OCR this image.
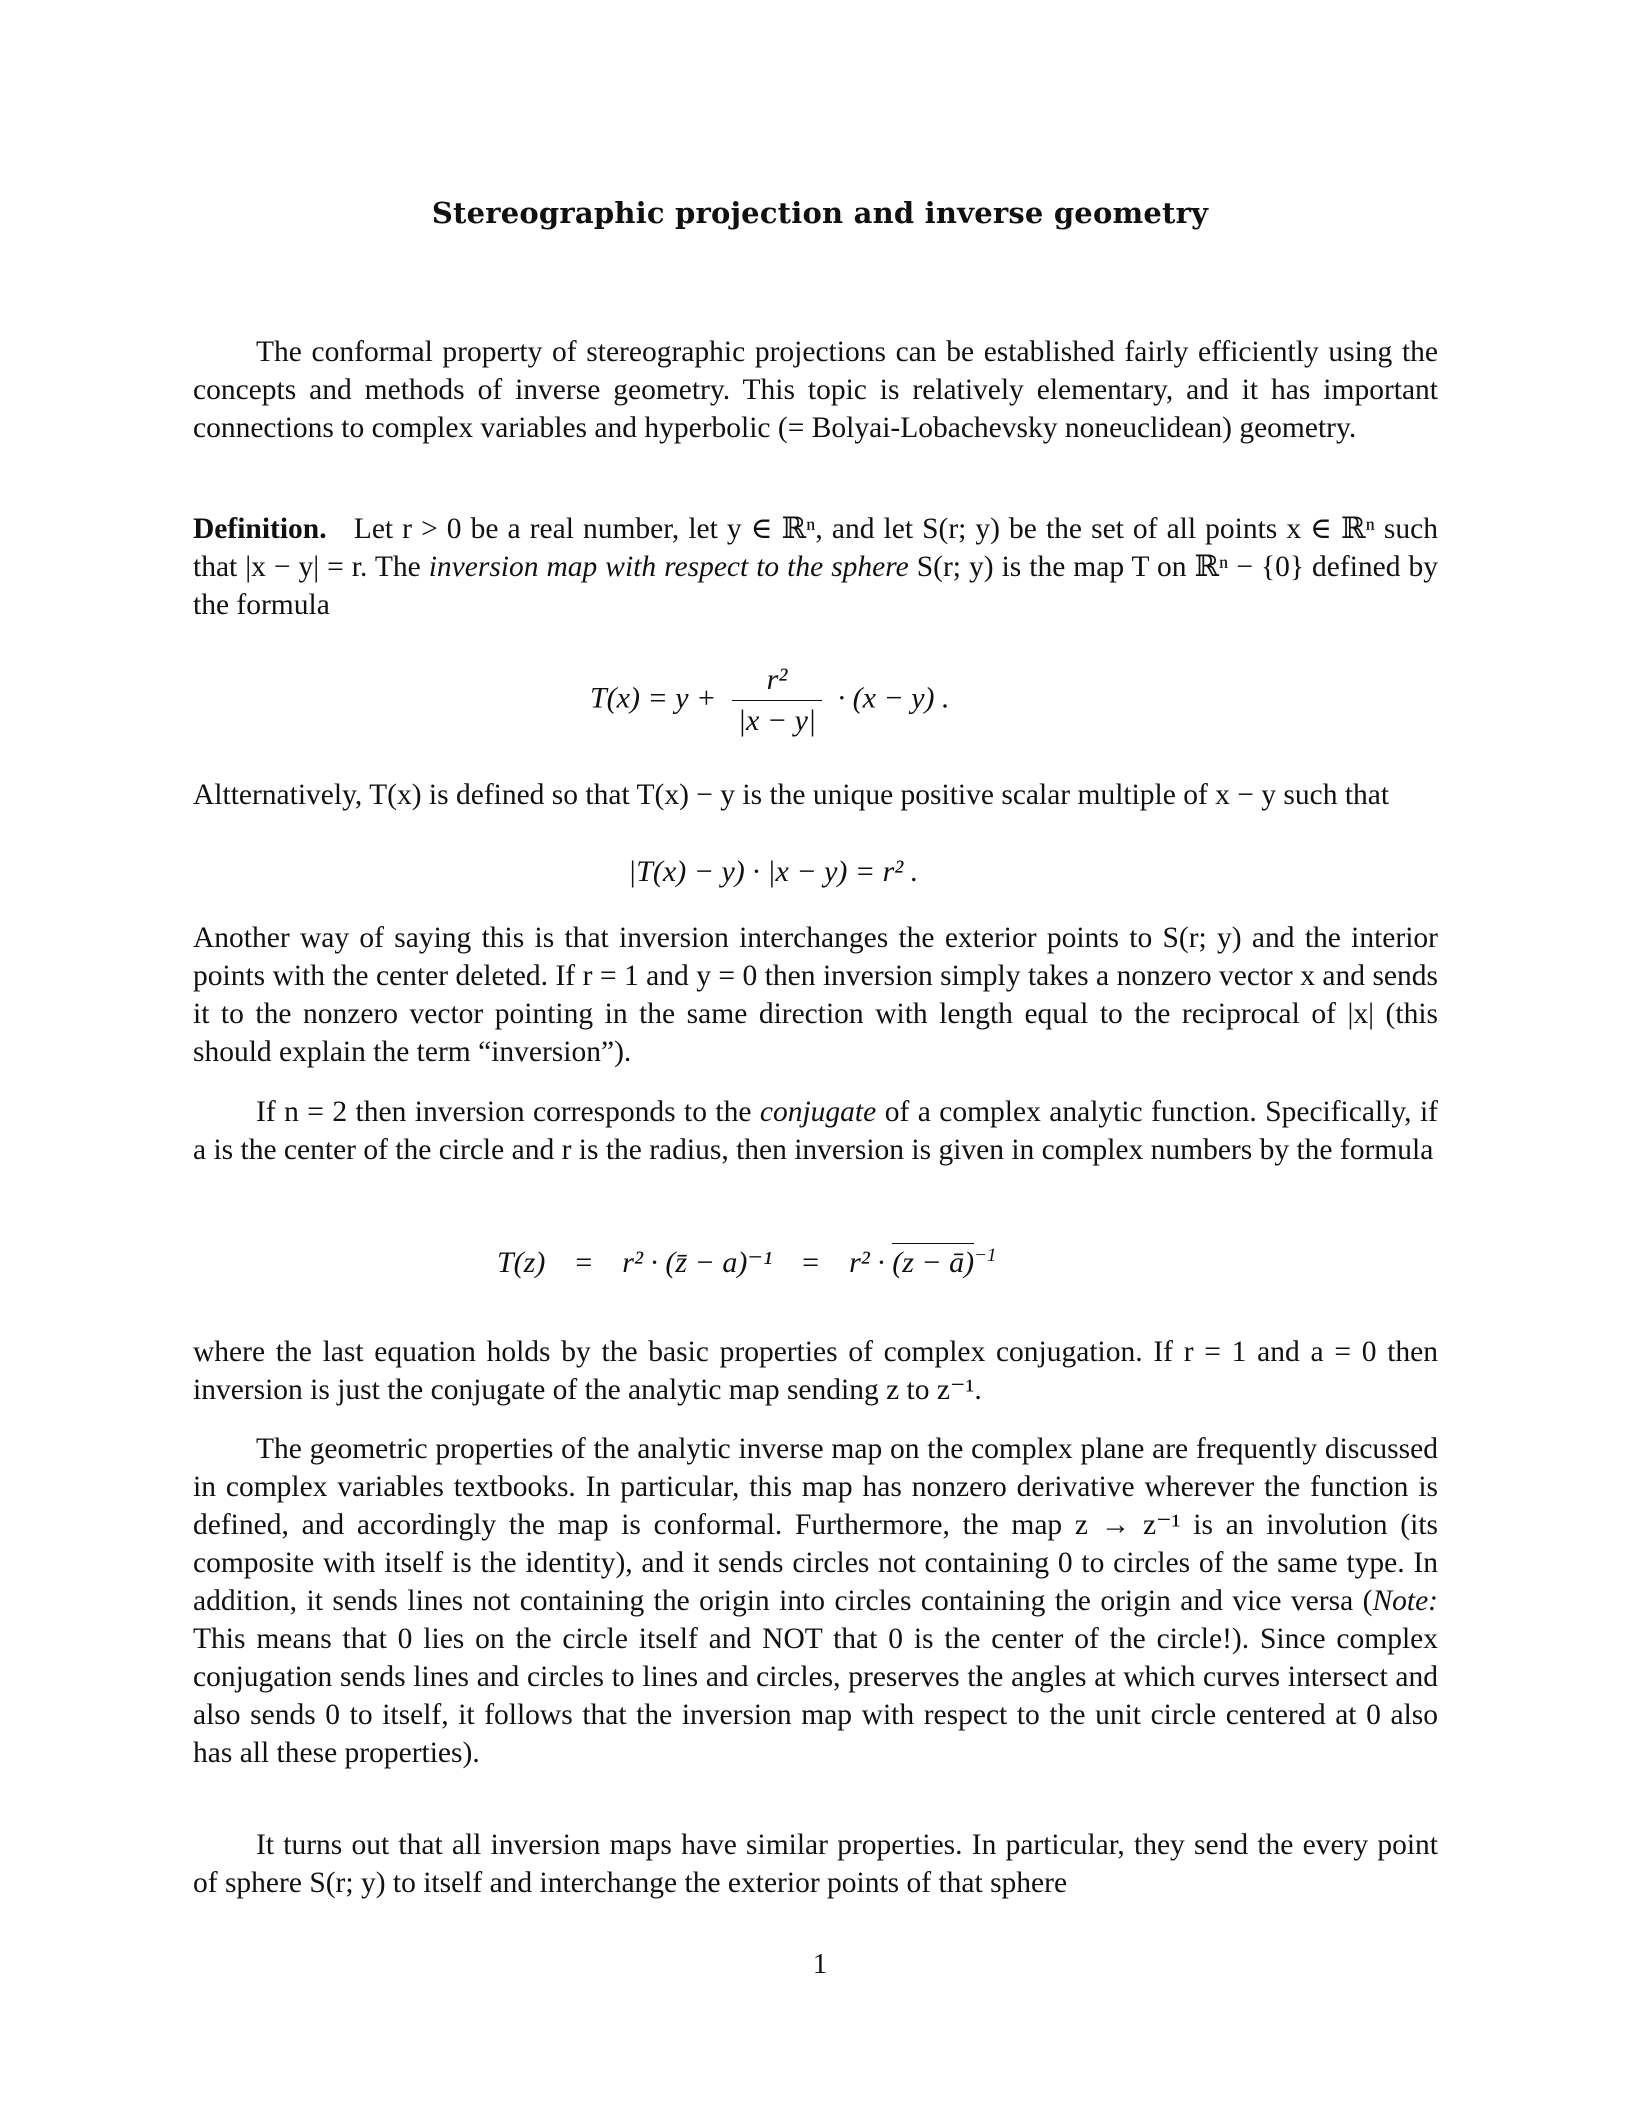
Stereographic projection and inverse geometry

The conformal property of stereographic projections can be established fairly efficiently using the concepts and methods of inverse geometry. This topic is relatively elementary, and it has important connections to complex variables and hyperbolic (= Bolyai-Lobachevsky noneuclidean) geometry.

Definition. Let r > 0 be a real number, let y ∈ ℝⁿ, and let S(r; y) be the set of all points x ∈ ℝⁿ such that |x − y| = r. The inversion map with respect to the sphere S(r; y) is the map T on ℝⁿ − {0} defined by the formula

$T(x) = y + \frac{\text{r²}}{|x - y|} \cdot (x - y)$ .

Altternatively, T(x) is defined so that T(x) − y is the unique positive scalar multiple of x − y such that

|T(x) − y) · |x − y) = r² .

Another way of saying this is that inversion interchanges the exterior points to S(r; y) and the interior points with the center deleted. If r = 1 and y = 0 then inversion simply takes a nonzero vector x and sends it to the nonzero vector pointing in the same direction with length equal to the reciprocal of |x| (this should explain the term “inversion”).

If n = 2 then inversion corresponds to the conjugate of a complex analytic function. Specifically, if a is the center of the circle and r is the radius, then inversion is given in complex numbers by the formula

T(z) = r² · (z̄ − a)⁻¹ = r² · (z − ā)$^{-1}$

where the last equation holds by the basic properties of complex conjugation. If r = 1 and a = 0 then inversion is just the conjugate of the analytic map sending z to z⁻¹.

The geometric properties of the analytic inverse map on the complex plane are frequently discussed in complex variables textbooks. In particular, this map has nonzero derivative wherever the function is defined, and accordingly the map is conformal. Furthermore, the map z → z⁻¹ is an involution (its composite with itself is the identity), and it sends circles not containing 0 to circles of the same type. In addition, it sends lines not containing the origin into circles containing the origin and vice versa (Note: This means that 0 lies on the circle itself and NOT that 0 is the center of the circle!). Since complex conjugation sends lines and circles to lines and circles, preserves the angles at which curves intersect and also sends 0 to itself, it follows that the inversion map with respect to the unit circle centered at 0 also has all these properties).

It turns out that all inversion maps have similar properties. In particular, they send the every point of sphere S(r; y) to itself and interchange the exterior points of that sphere

1
